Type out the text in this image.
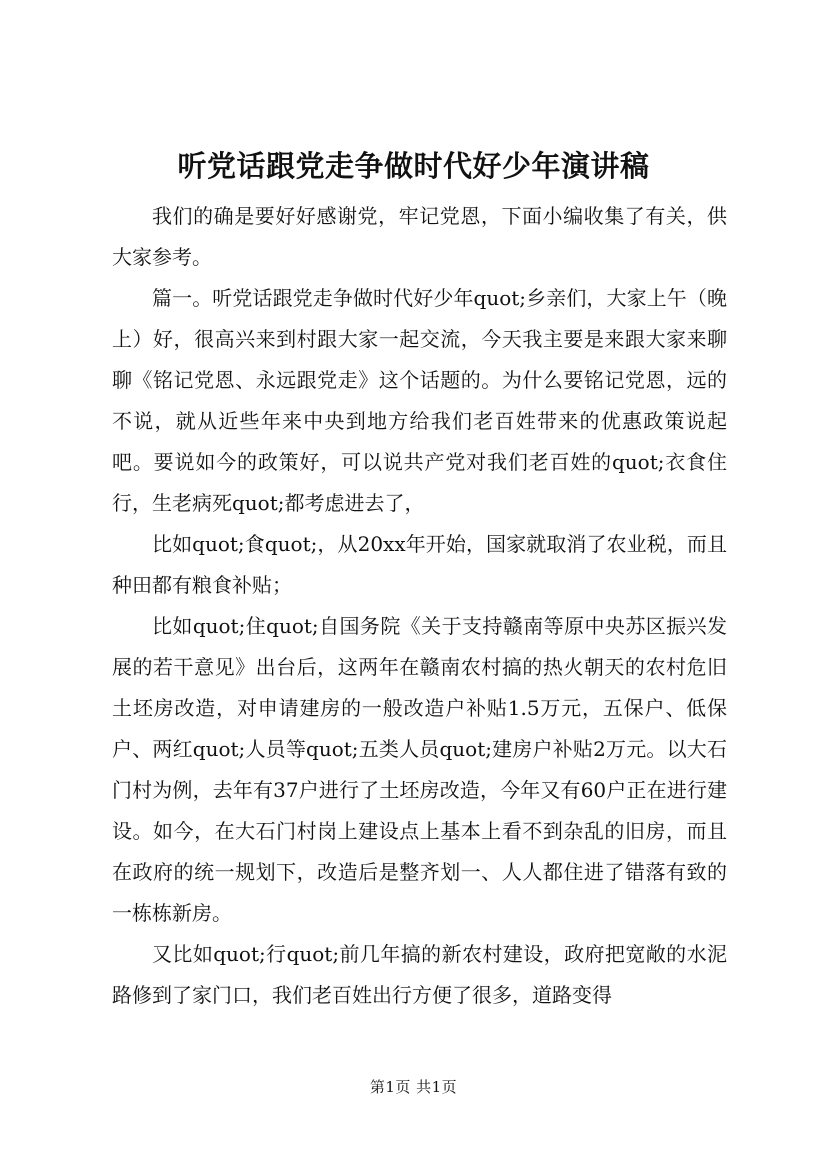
听党话跟党走争做时代好少年演讲稿

我们的确是要好好感谢党，牢记党恩，下面小编收集了有关，供大家参考。

篇一。听党话跟党走争做时代好少年quot;乡亲们，大家上午（晚上）好，很高兴来到村跟大家一起交流，今天我主要是来跟大家来聊聊《铭记党恩、永远跟党走》这个话题的。为什么要铭记党恩，远的不说，就从近些年来中央到地方给我们老百姓带来的优惠政策说起吧。要说如今的政策好，可以说共产党对我们老百姓的quot;衣食住行，生老病死quot;都考虑进去了，

比如quot;食quot;，从20xx年开始，国家就取消了农业税，而且种田都有粮食补贴；

比如quot;住quot;自国务院《关于支持赣南等原中央苏区振兴发展的若干意见》出台后，这两年在赣南农村搞的热火朝天的农村危旧土坯房改造，对申请建房的一般改造户补贴1.5万元，五保户、低保户、两红quot;人员等quot;五类人员quot;建房户补贴2万元。以大石门村为例，去年有37户进行了土坯房改造，今年又有60户正在进行建设。如今，在大石门村岗上建设点上基本上看不到杂乱的旧房，而且在政府的统一规划下，改造后是整齐划一、人人都住进了错落有致的一栋栋新房。

又比如quot;行quot;前几年搞的新农村建设，政府把宽敞的水泥路修到了家门口，我们老百姓出行方便了很多，道路变得

第1页 共1页
